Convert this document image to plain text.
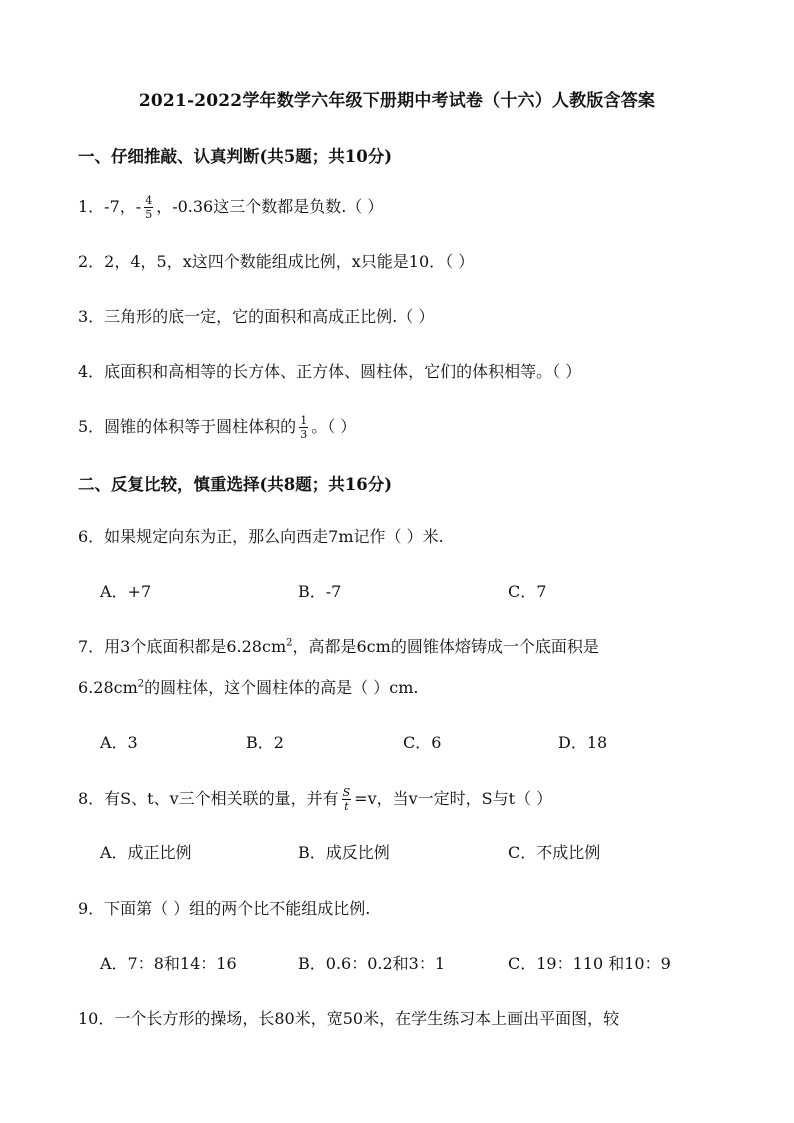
2021-2022学年数学六年级下册期中考试卷（十六）人教版含答案
一、仔细推敲、认真判断(共5题；共10分)
1．-7，- $\frac{4}{5}$ ，-0.36这三个数都是负数.（ ）
2．2，4，5，x这四个数能组成比例，x只能是10．（ ）
3．三角形的底一定，它的面积和高成正比例.（ ）
4．底面积和高相等的长方体、正方体、圆柱体，它们的体积相等。（ ）
5．圆锥的体积等于圆柱体积的 $\frac{1}{3}$ 。（ ）
二、反复比较，慎重选择(共8题；共16分)
6．如果规定向东为正，那么向西走7m记作（ ）米.
A．+7	B．-7	C．7
7．用3个底面积都是$6.28cm^2$，高都是6cm的圆锥体熔铸成一个底面积是
$6.28cm^2$的圆柱体，这个圆柱体的高是（ ）cm.
A．3	B．2	C．6	D．18
8．有S、t、v三个相关联的量，并有 $\frac{S}{t} =v$，当v一定时，S与t（ ）
A．成正比例	B．成反比例	C．不成比例
9．下面第（ ）组的两个比不能组成比例.
A．7：8和14：16	B．0.6：0.2和3：1	C．19：110 和10：9
10．一个长方形的操场，长80米，宽50米，在学生练习本上画出平面图，较
